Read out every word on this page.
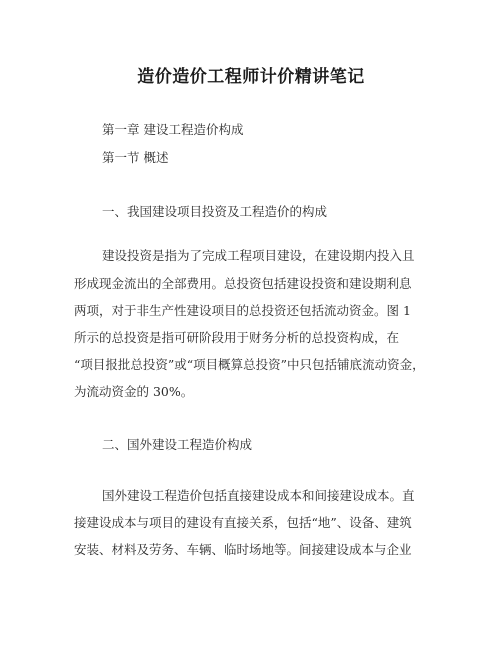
造价造价工程师计价精讲笔记
第一章 建设工程造价构成
第一节 概述
一、我国建设项目投资及工程造价的构成
建设投资是指为了完成工程项目建设，在建设期内投入且
形成现金流出的全部费用。总投资包括建设投资和建设期利息
两项，对于非生产性建设项目的总投资还包括流动资金。图 1
所示的总投资是指可研阶段用于财务分析的总投资构成，在
“项目报批总投资”或“项目概算总投资”中只包括铺底流动资金，
为流动资金的 30%。
二、国外建设工程造价构成
国外建设工程造价包括直接建设成本和间接建设成本。直
接建设成本与项目的建设有直接关系，包括“地”、设备、建筑
安装、材料及劳务、车辆、临时场地等。间接建设成本与企业
